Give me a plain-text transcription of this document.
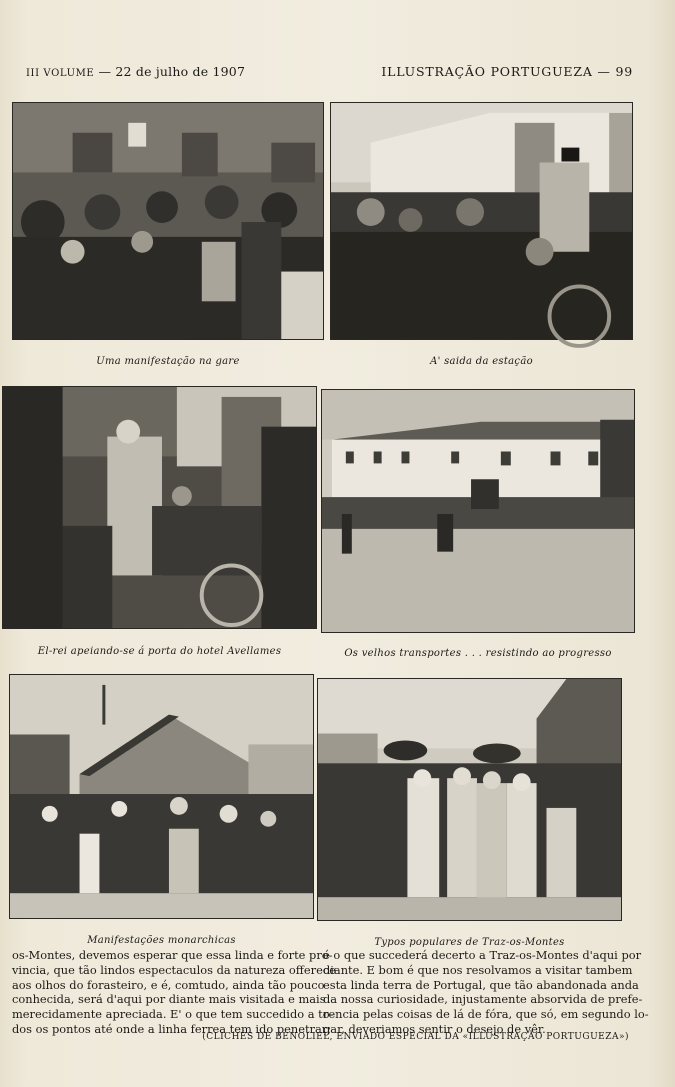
III VOLUME — 22 de julho de 1907	ILLUSTRAÇÃO PORTUGUEZA — 99
Uma manifestação na gare	A' saida da estação
El-rei apeiando-se á porta do hotel Avellames	Os velhos transportes . . . resistindo ao progresso
Manifestações monarchicas	Typos populares de Traz-os-Montes
os-Montes, devemos esperar que essa linda e forte pro-
vincia, que tão lindos espectaculos da natureza offerece
aos olhos do forasteiro, e é, comtudo, ainda tão pouco
conhecida, será d'aqui por diante mais visitada e mais
merecidamente apreciada. E' o que tem succedido a to-
dos os pontos até onde a linha ferrea tem ido penetrar;
é o que succederá decerto a Traz-os-Montes d'aqui por
diante. E bom é que nos resolvamos a visitar tambem
esta linda terra de Portugal, que tão abandonada anda
da nossa curiosidade, injustamente absorvida de prefe-
rencia pelas coisas de lá de fóra, que só, em segundo lo-
gar, deveriamos sentir o desejo de vêr.
(CLICHÉS DE BENOLIEL, ENVIADO ESPECIAL DA «ILLUSTRAÇÃO PORTUGUEZA»)
